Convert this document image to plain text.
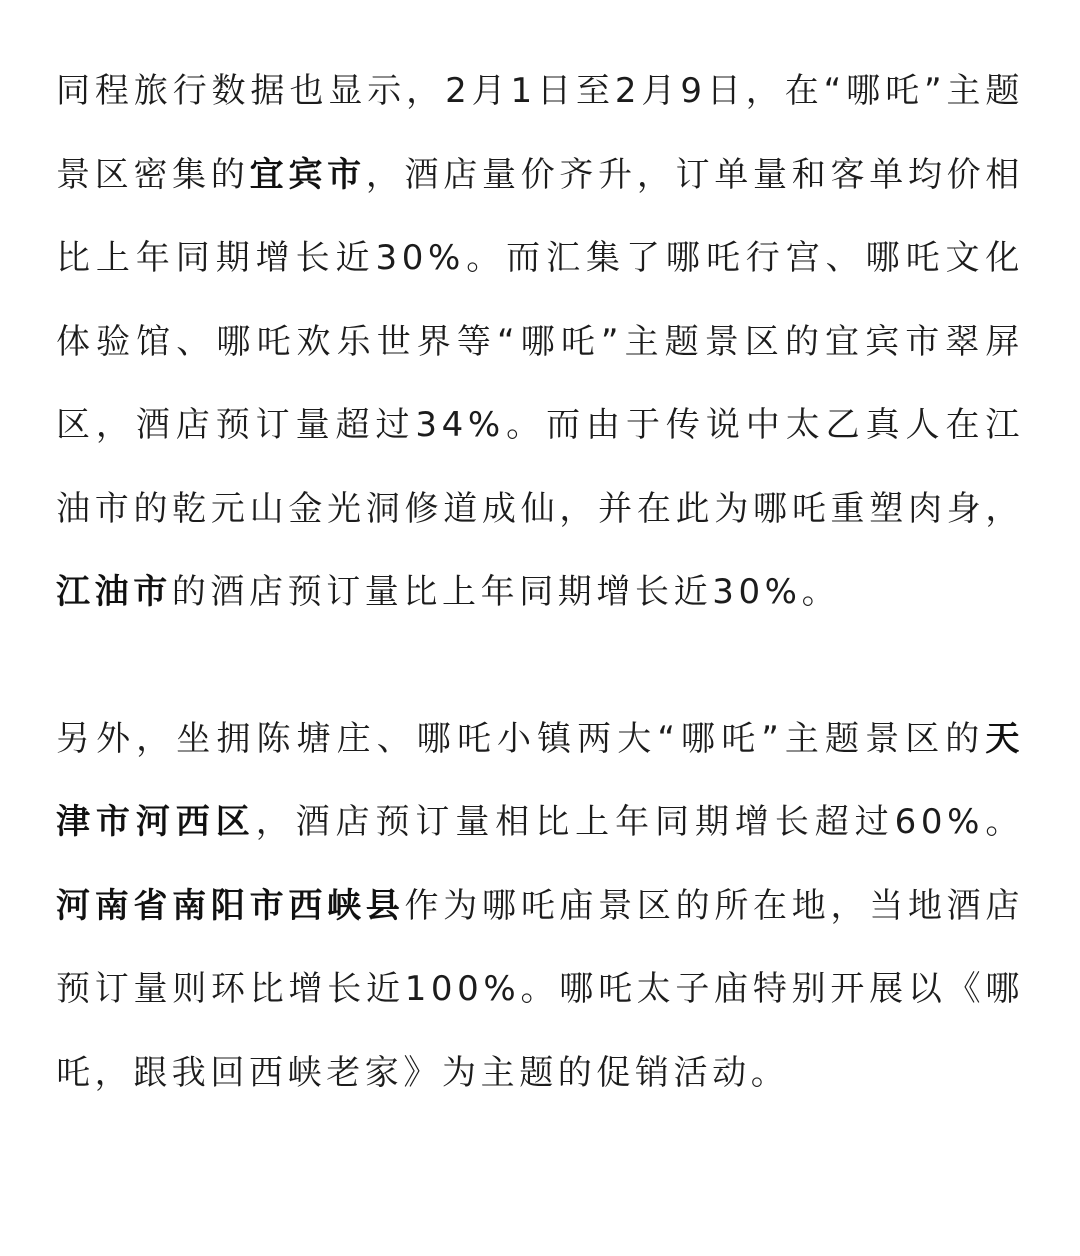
同程旅行数据也显示，2月1日至2月9日，在“哪吒”主题景区密集的宜宾市，酒店量价齐升，订单量和客单均价相比上年同期增长近30%。而汇集了哪吒行宫、哪吒文化体验馆、哪吒欢乐世界等“哪吒”主题景区的宜宾市翠屏区，酒店预订量超过34%。而由于传说中太乙真人在江油市的乾元山金光洞修道成仙，并在此为哪吒重塑肉身，江油市的酒店预订量比上年同期增长近30%。

另外，坐拥陈塘庄、哪吒小镇两大“哪吒”主题景区的天津市河西区，酒店预订量相比上年同期增长超过60%。河南省南阳市西峡县作为哪吒庙景区的所在地，当地酒店预订量则环比增长近100%。哪吒太子庙特别开展以《哪吒，跟我回西峡老家》为主题的促销活动。
